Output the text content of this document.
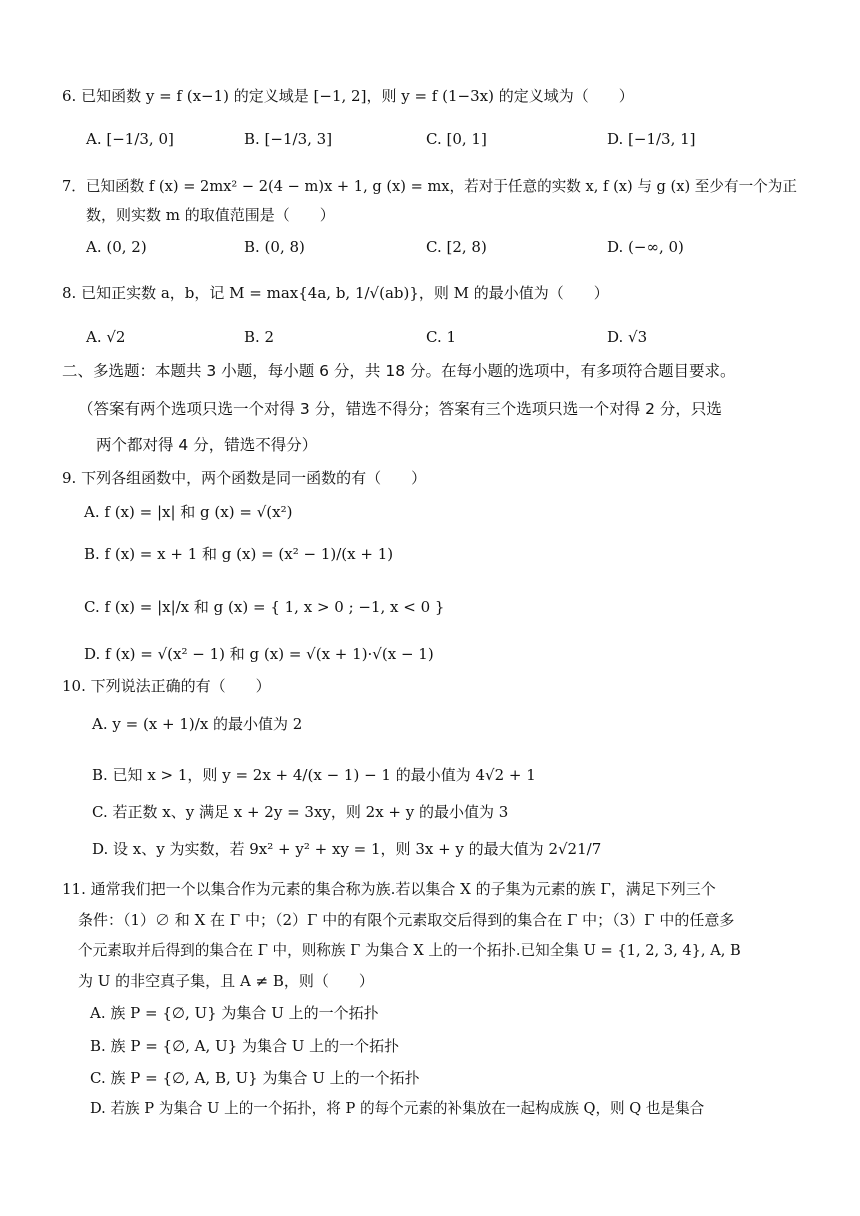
6. 已知函数 y = f (x−1) 的定义域是 [−1, 2]，则 y = f (1−3x) 的定义域为（　　）
A. [−1/3, 0]	B. [−1/3, 3]	C. [0, 1]	D. [−1/3, 1]
7．已知函数 f (x) = 2mx² − 2(4 − m)x + 1, g (x) = mx，若对于任意的实数 x, f (x) 与 g (x) 至少有一个为正
数，则实数 m 的取值范围是（　　）
A. (0, 2)	B. (0, 8)	C. [2, 8)	D. (−∞, 0)
8. 已知正实数 a，b，记 M = max{4a, b, 1/√(ab)}，则 M 的最小值为（　　）
A. √2	B. 2	C. 1	D. √3
二、多选题：本题共 3 小题，每小题 6 分，共 18 分。在每小题的选项中，有多项符合题目要求。
（答案有两个选项只选一个对得 3 分，错选不得分；答案有三个选项只选一个对得 2 分，只选
两个都对得 4 分，错选不得分）
9. 下列各组函数中，两个函数是同一函数的有（　　）
A. f (x) = |x| 和 g (x) = √(x²)
B. f (x) = x + 1 和 g (x) = (x² − 1)/(x + 1)
C. f (x) = |x|/x 和 g (x) = { 1, x > 0 ; −1, x < 0 }
D. f (x) = √(x² − 1) 和 g (x) = √(x + 1)·√(x − 1)
10. 下列说法正确的有（　　）
A. y = (x + 1)/x 的最小值为 2
B. 已知 x > 1，则 y = 2x + 4/(x − 1) − 1 的最小值为 4√2 + 1
C. 若正数 x、y 满足 x + 2y = 3xy，则 2x + y 的最小值为 3
D. 设 x、y 为实数，若 9x² + y² + xy = 1，则 3x + y 的最大值为 2√21/7
11. 通常我们把一个以集合作为元素的集合称为族.若以集合 X 的子集为元素的族 Γ，满足下列三个
条件：（1）∅ 和 X 在 Γ 中；（2）Γ 中的有限个元素取交后得到的集合在 Γ 中；（3）Γ 中的任意多
个元素取并后得到的集合在 Γ 中，则称族 Γ 为集合 X 上的一个拓扑.已知全集 U = {1, 2, 3, 4}, A, B
为 U 的非空真子集，且 A ≠ B，则（　　）
A. 族 P = {∅, U} 为集合 U 上的一个拓扑
B. 族 P = {∅, A, U} 为集合 U 上的一个拓扑
C. 族 P = {∅, A, B, U} 为集合 U 上的一个拓扑
D. 若族 P 为集合 U 上的一个拓扑，将 P 的每个元素的补集放在一起构成族 Q，则 Q 也是集合
